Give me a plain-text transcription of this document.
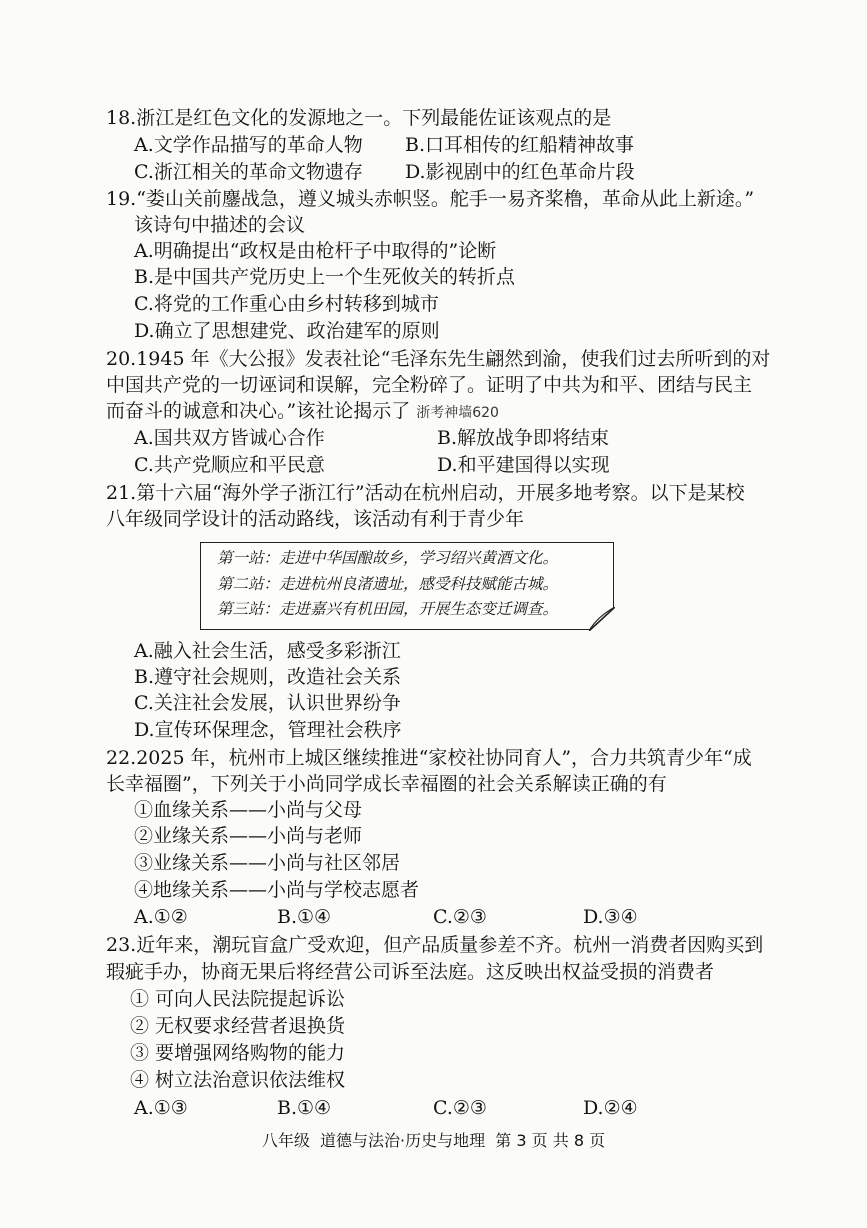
18.浙江是红色文化的发源地之一。下列最能佐证该观点的是
A.文学作品描写的革命人物 B.口耳相传的红船精神故事
C.浙江相关的革命文物遗存 D.影视剧中的红色革命片段
19.“娄山关前鏖战急，遵义城头赤帜竖。舵手一易齐桨橹，革命从此上新途。”
该诗句中描述的会议
A.明确提出“政权是由枪杆子中取得的”论断
B.是中国共产党历史上一个生死攸关的转折点
C.将党的工作重心由乡村转移到城市
D.确立了思想建党、政治建军的原则
20.1945 年《大公报》发表社论“毛泽东先生翩然到渝，使我们过去所听到的对
中国共产党的一切诬词和误解，完全粉碎了。证明了中共为和平、团结与民主
而奋斗的诚意和决心。”该社论揭示了 浙考神墙620
A.国共双方皆诚心合作	B.解放战争即将结束
C.共产党顺应和平民意	D.和平建国得以实现
21.第十六届“海外学子浙江行”活动在杭州启动，开展多地考察。以下是某校
八年级同学设计的活动路线，该活动有利于青少年
第一站：走进中华国酿故乡，学习绍兴黄酒文化。
第二站：走进杭州良渚遗址，感受科技赋能古城。
第三站：走进嘉兴有机田园，开展生态变迁调查。
A.融入社会生活，感受多彩浙江
B.遵守社会规则，改造社会关系
C.关注社会发展，认识世界纷争
D.宣传环保理念，管理社会秩序
22.2025 年，杭州市上城区继续推进“家校社协同育人”，合力共筑青少年“成
长幸福圈”，下列关于小尚同学成长幸福圈的社会关系解读正确的有
①血缘关系——小尚与父母
②业缘关系——小尚与老师
③业缘关系——小尚与社区邻居
④地缘关系——小尚与学校志愿者
A.①②	B.①④	C.②③	D.③④
23.近年来，潮玩盲盒广受欢迎，但产品质量参差不齐。杭州一消费者因购买到
瑕疵手办，协商无果后将经营公司诉至法庭。这反映出权益受损的消费者
① 可向人民法院提起诉讼
② 无权要求经营者退换货
③ 要增强网络购物的能力
④ 树立法治意识依法维权
A.①③	B.①④	C.②③	D.②④
八年级  道德与法治·历史与地理  第 3 页 共 8 页
